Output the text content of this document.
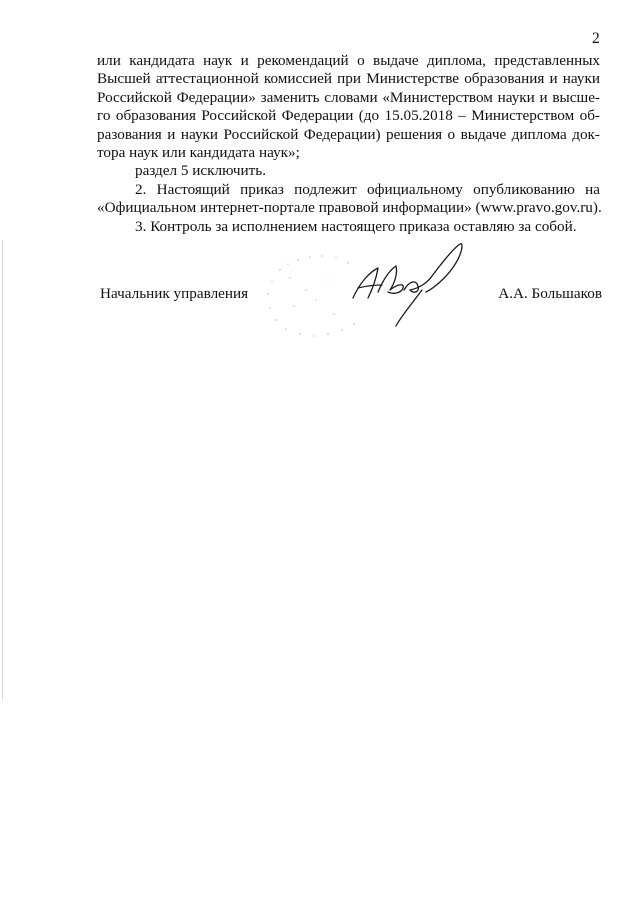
2
или кандидата наук и рекомендаций о выдаче диплома, представленных
Высшей аттестационной комиссией при Министерстве образования и науки
Российской Федерации» заменить словами «Министерством науки и высше-
го образования Российской Федерации (до 15.05.2018 – Министерством об-
разования и науки Российской Федерации) решения о выдаче диплома док-
тора наук или кандидата наук»;
раздел 5 исключить.
2. Настоящий приказ подлежит официальному опубликованию на
«Официальном интернет-портале правовой информации» (www.pravo.gov.ru).
3. Контроль за исполнением настоящего приказа оставляю за собой.
Начальник управления	А.А. Большаков
